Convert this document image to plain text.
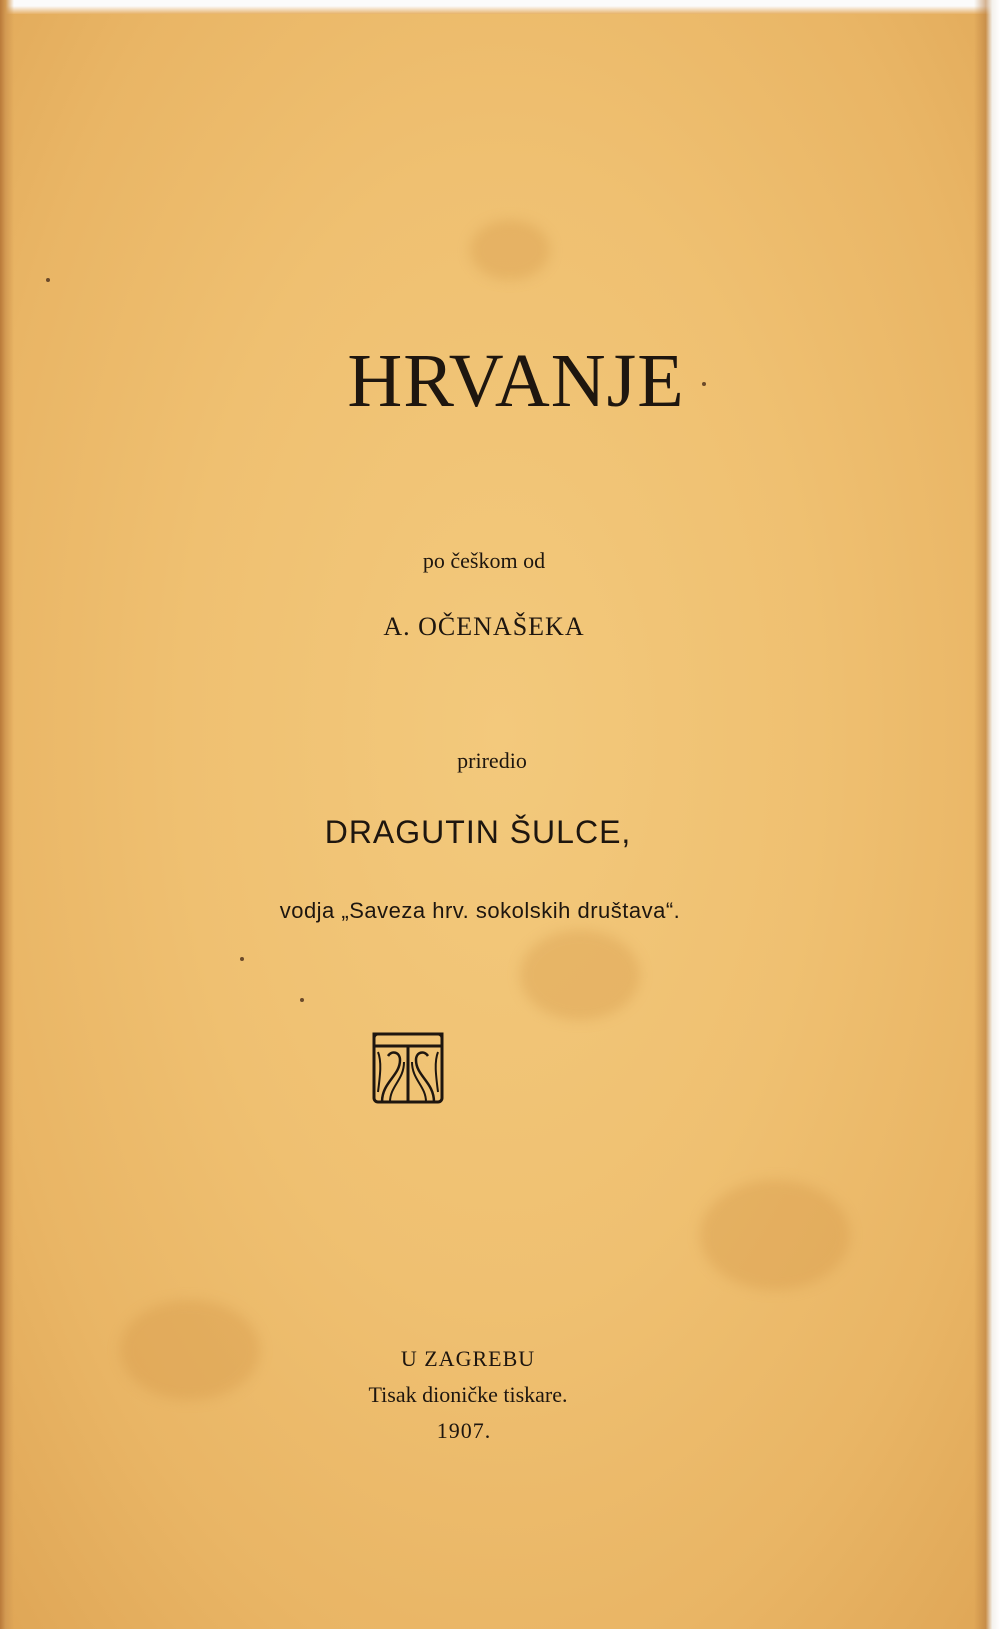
HRVANJE
po češkom od
A. OČENAŠEKA
priredio
DRAGUTIN ŠULCE,
vodja „Saveza hrv. sokolskih društava“.
U ZAGREBU
Tisak dioničke tiskare.
1907.
